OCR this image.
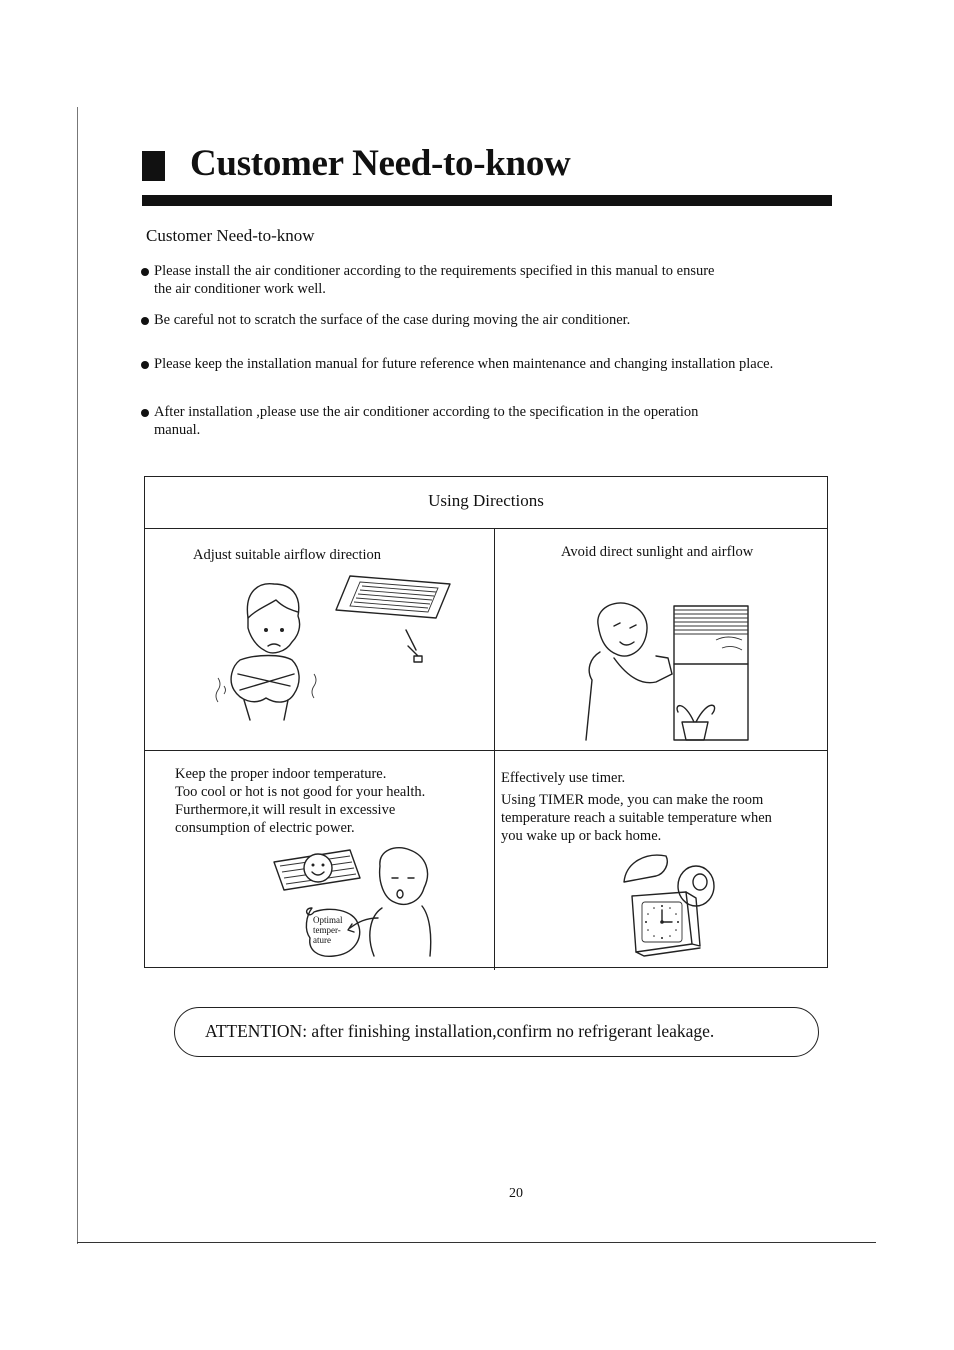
Customer Need-to-know
Customer Need-to-know
Please install the air conditioner according to the requirements specified in this manual to ensure
the air conditioner work well.
Be careful not to scratch the surface of the case during moving the air conditioner.
Please keep the installation manual for future reference when maintenance and changing installation place.
After installation ,please use the air conditioner according to the specification in the operation
manual.
Using Directions
Adjust suitable airflow direction	Avoid direct sunlight and airflow
Keep the proper indoor temperature.
Too cool or hot is not good for your health.
Furthermore,it will result in excessive
consumption of electric power.
Optimal
temper-
ature
Effectively use timer.
Using TIMER mode, you can make the room
temperature reach a suitable temperature when
you wake up or back home.
ATTENTION: after finishing installation,confirm no refrigerant leakage.
20
